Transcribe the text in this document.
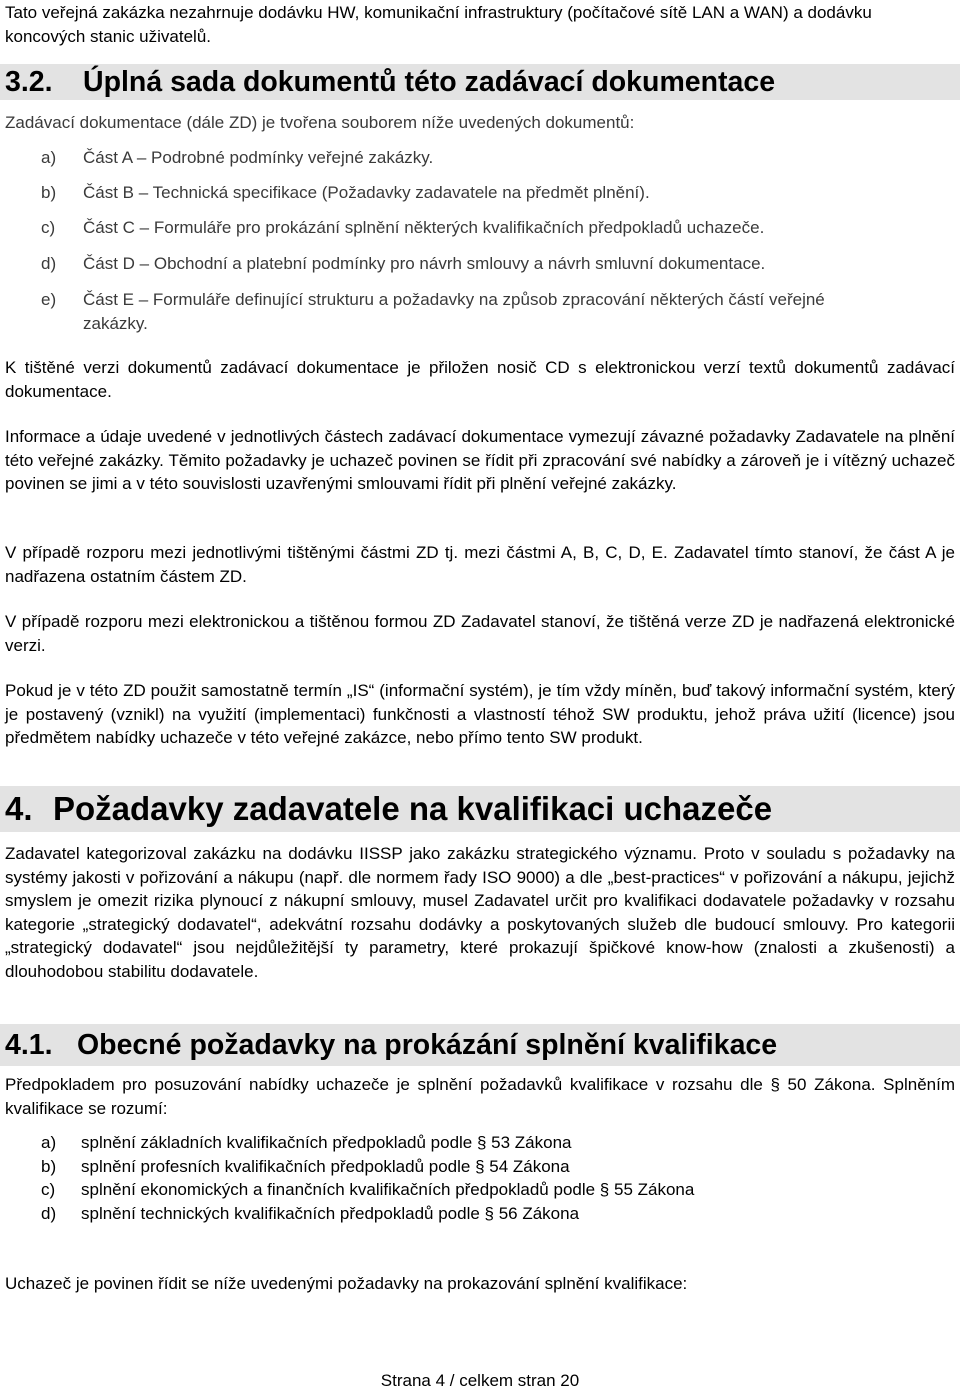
Tato veřejná zakázka nezahrnuje dodávku HW, komunikační infrastruktury (počítačové sítě LAN a WAN) a dodávku koncových stanic uživatelů.

3.2. Úplná sada dokumentů této zadávací dokumentace

Zadávací dokumentace (dále ZD) je tvořena souborem níže uvedených dokumentů:

a) Část A – Podrobné podmínky veřejné zakázky.
b) Část B – Technická specifikace (Požadavky zadavatele na předmět plnění).
c) Část C – Formuláře pro prokázání splnění některých kvalifikačních předpokladů uchazeče.
d) Část D – Obchodní a platební podmínky pro návrh smlouvy a návrh smluvní dokumentace.
e) Část E – Formuláře definující strukturu a požadavky na způsob zpracování některých částí veřejné zakázky.

K tištěné verzi dokumentů zadávací dokumentace je přiložen nosič CD s elektronickou verzí textů dokumentů zadávací dokumentace.

Informace a údaje uvedené v jednotlivých částech zadávací dokumentace vymezují závazné požadavky Zadavatele na plnění této veřejné zakázky. Těmito požadavky je uchazeč povinen se řídit při zpracování své nabídky a zároveň je i vítězný uchazeč povinen se jimi a v této souvislosti uzavřenými smlouvami řídit při plnění veřejné zakázky.

V případě rozporu mezi jednotlivými tištěnými částmi ZD tj. mezi částmi A, B, C, D, E. Zadavatel tímto stanoví, že část A je nadřazena ostatním částem ZD.

V případě rozporu mezi elektronickou a tištěnou formou ZD Zadavatel stanoví, že tištěná verze ZD je nadřazená elektronické verzi.

Pokud je v této ZD použit samostatně termín „IS“ (informační systém), je tím vždy míněn, buď takový informační systém, který je postavený (vznikl) na využití (implementaci) funkčnosti a vlastností téhož SW produktu, jehož práva užití (licence) jsou předmětem nabídky uchazeče v této veřejné zakázce, nebo přímo tento SW produkt.

4. Požadavky zadavatele na kvalifikaci uchazeče

Zadavatel kategorizoval zakázku na dodávku IISSP jako zakázku strategického významu. Proto v souladu s požadavky na systémy jakosti v pořizování a nákupu (např. dle normem řady ISO 9000) a dle „best-practices“ v pořizování a nákupu, jejichž smyslem je omezit rizika plynoucí z nákupní smlouvy, musel Zadavatel určit pro kvalifikaci dodavatele požadavky v rozsahu kategorie „strategický dodavatel“, adekvátní rozsahu dodávky a poskytovaných služeb dle budoucí smlouvy. Pro kategorii „strategický dodavatel“ jsou nejdůležitější ty parametry, které prokazují špičkové know-how (znalosti a zkušenosti) a dlouhodobou stabilitu dodavatele.

4.1. Obecné požadavky na prokázání splnění kvalifikace

Předpokladem pro posuzování nabídky uchazeče je splnění požadavků kvalifikace v rozsahu dle § 50 Zákona. Splněním kvalifikace se rozumí:

a) splnění základních kvalifikačních předpokladů podle § 53 Zákona
b) splnění profesních kvalifikačních předpokladů podle § 54 Zákona
c) splnění ekonomických a finančních kvalifikačních předpokladů podle § 55 Zákona
d) splnění technických kvalifikačních předpokladů podle § 56 Zákona

Uchazeč je povinen řídit se níže uvedenými požadavky na prokazování splnění kvalifikace:

Strana 4 / celkem stran 20
